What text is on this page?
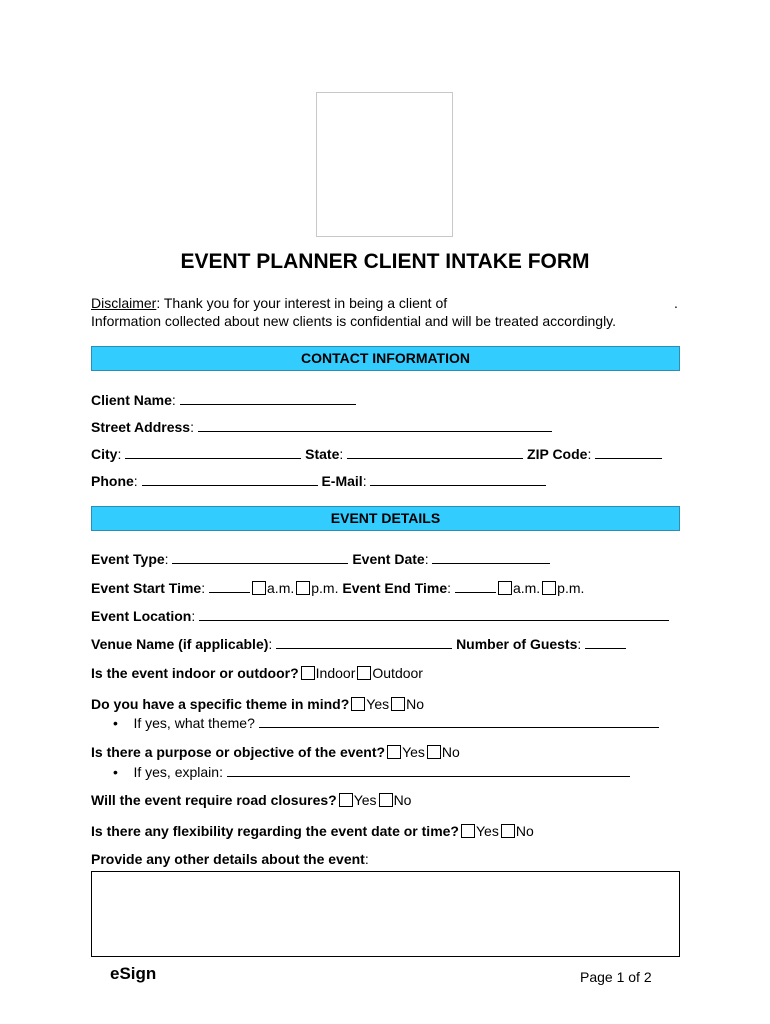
EVENT PLANNER CLIENT INTAKE FORM
Disclaimer: Thank you for your interest in being a client of	.
Information collected about new clients is confidential and will be treated accordingly.
CONTACT INFORMATION
Client Name:
Street Address:
City:	State:	ZIP Code:
Phone:	E-Mail:
EVENT DETAILS
Event Type:	Event Date:
Event Start Time:	a.m. p.m. Event End Time:	a.m. p.m.
Event Location:
Venue Name (if applicable):	Number of Guests:
Is the event indoor or outdoor? Indoor Outdoor
Do you have a specific theme in mind? Yes No
• If yes, what theme?
Is there a purpose or objective of the event? Yes No
• If yes, explain:
Will the event require road closures? Yes No
Is there any flexibility regarding the event date or time? Yes No
Provide any other details about the event:
eSign	Page 1 of 2
